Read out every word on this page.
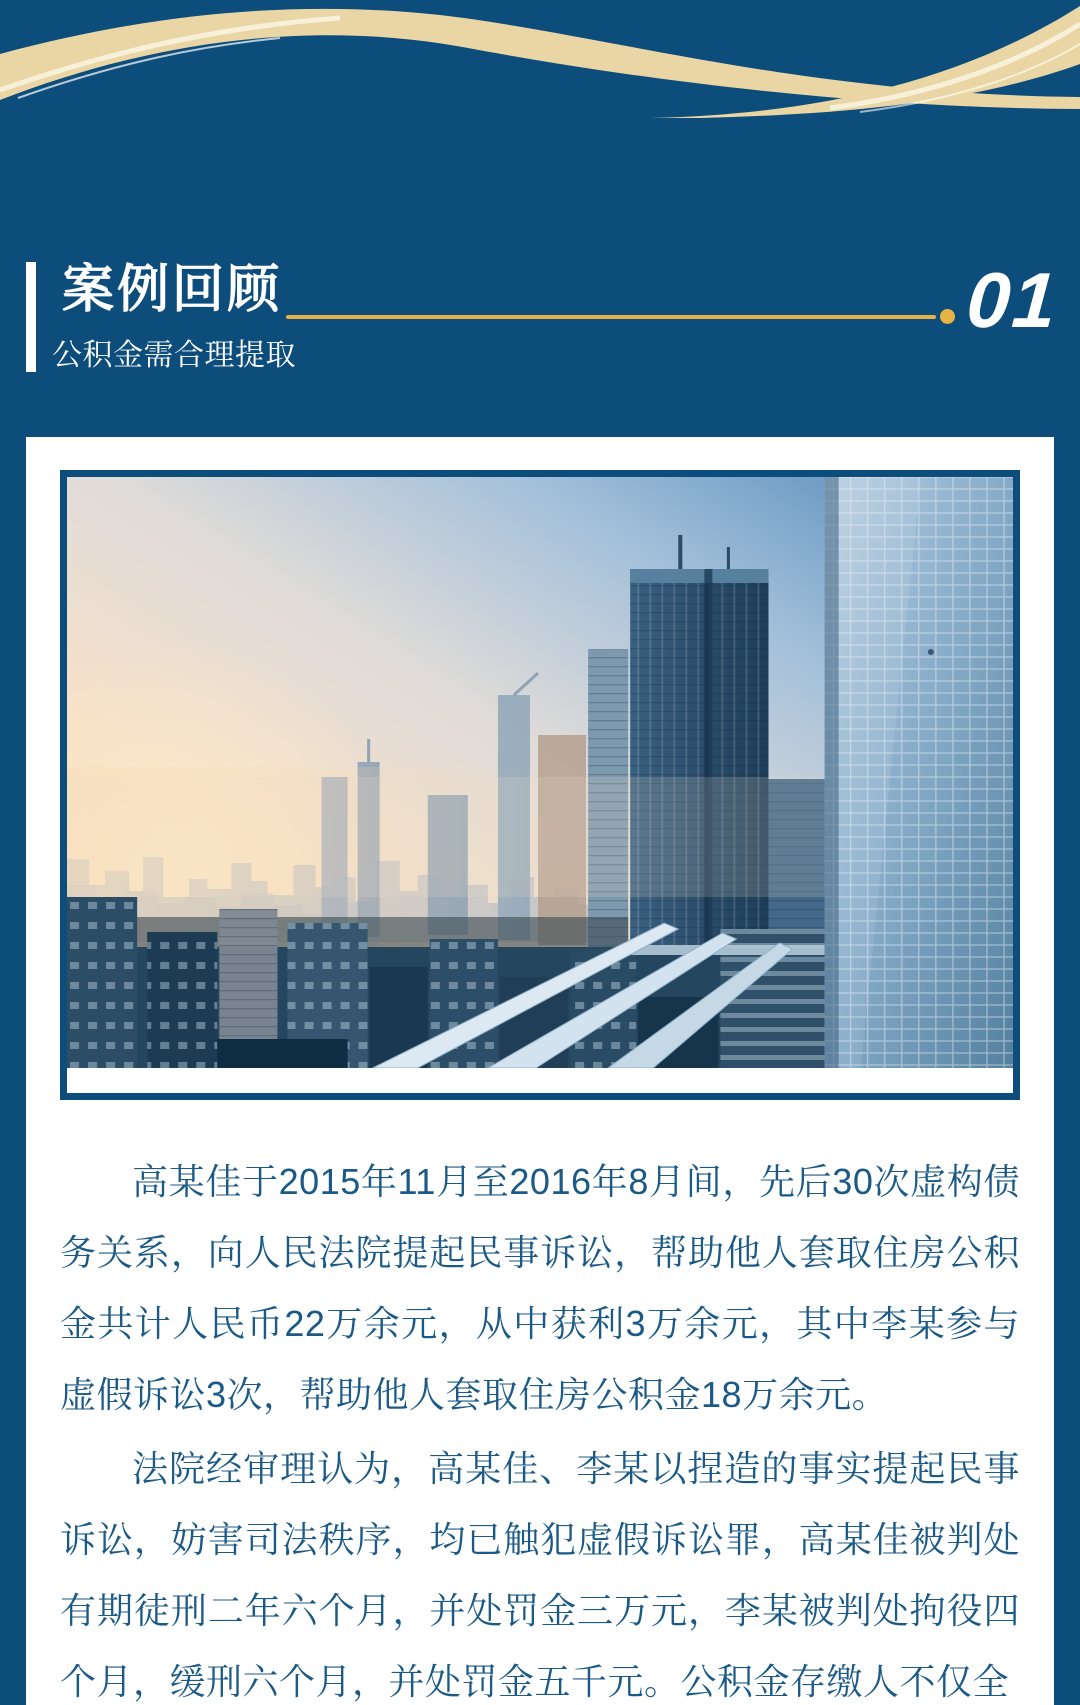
案例回顾	01
公积金需合理提取

高某佳于2015年11月至2016年8月间，先后30次虚构债务关系，向人民法院提起民事诉讼，帮助他人套取住房公积金共计人民币22万余元，从中获利3万余元，其中李某参与虚假诉讼3次，帮助他人套取住房公积金18万余元。

法院经审理认为，高某佳、李某以捏造的事实提起民事诉讼，妨害司法秩序，均已触犯虚假诉讼罪，高某佳被判处有期徒刑二年六个月，并处罚金三万元，李某被判处拘役四个月，缓刑六个月，并处罚金五千元。公积金存缴人不仅全
